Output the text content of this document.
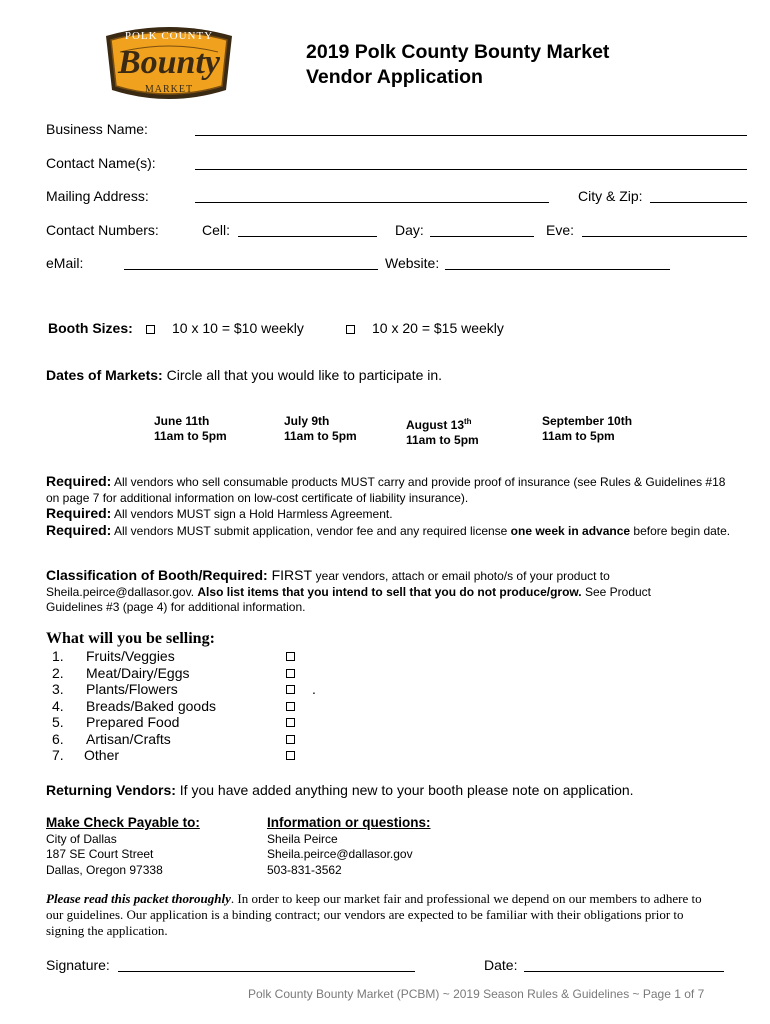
POLK COUNTY
Bounty
MARKET
2019 Polk County Bounty Market
Vendor Application
Business Name:
Contact Name(s):
Mailing Address:	City & Zip:
Contact Numbers:	Cell:	Day:	Eve:
eMail:	Website:
Booth Sizes:	10 x 10 = $10 weekly	10 x 20 = $15 weekly
Dates of Markets: Circle all that you would like to participate in.
June 11th
11am to 5pm
July 9th
11am to 5pm
August 13th
11am to 5pm
September 10th
11am to 5pm
Required: All vendors who sell consumable products MUST carry and provide proof of insurance (see Rules & Guidelines #18 on page 7 for additional information on low-cost certificate of liability insurance).
Required: All vendors MUST sign a Hold Harmless Agreement.
Required: All vendors MUST submit application, vendor fee and any required license one week in advance before begin date.
Classification of Booth/Required: FIRST year vendors, attach or email photo/s of your product to Sheila.peirce@dallasor.gov. Also list items that you intend to sell that you do not produce/grow. See Product Guidelines #3 (page 4) for additional information.
What will you be selling:
1. Fruits/Veggies
2. Meat/Dairy/Eggs
3. Plants/Flowers	.
4. Breads/Baked goods
5. Prepared Food
6. Artisan/Crafts
7. Other
Returning Vendors: If you have added anything new to your booth please note on application.
Make Check Payable to:
City of Dallas
187 SE Court Street
Dallas, Oregon 97338
Information or questions:
Sheila Peirce
Sheila.peirce@dallasor.gov
503-831-3562
Please read this packet thoroughly. In order to keep our market fair and professional we depend on our members to adhere to our guidelines. Our application is a binding contract; our vendors are expected to be familiar with their obligations prior to signing the application.
Signature:	Date:
Polk County Bounty Market (PCBM) ~ 2019 Season Rules & Guidelines ~ Page 1 of 7
